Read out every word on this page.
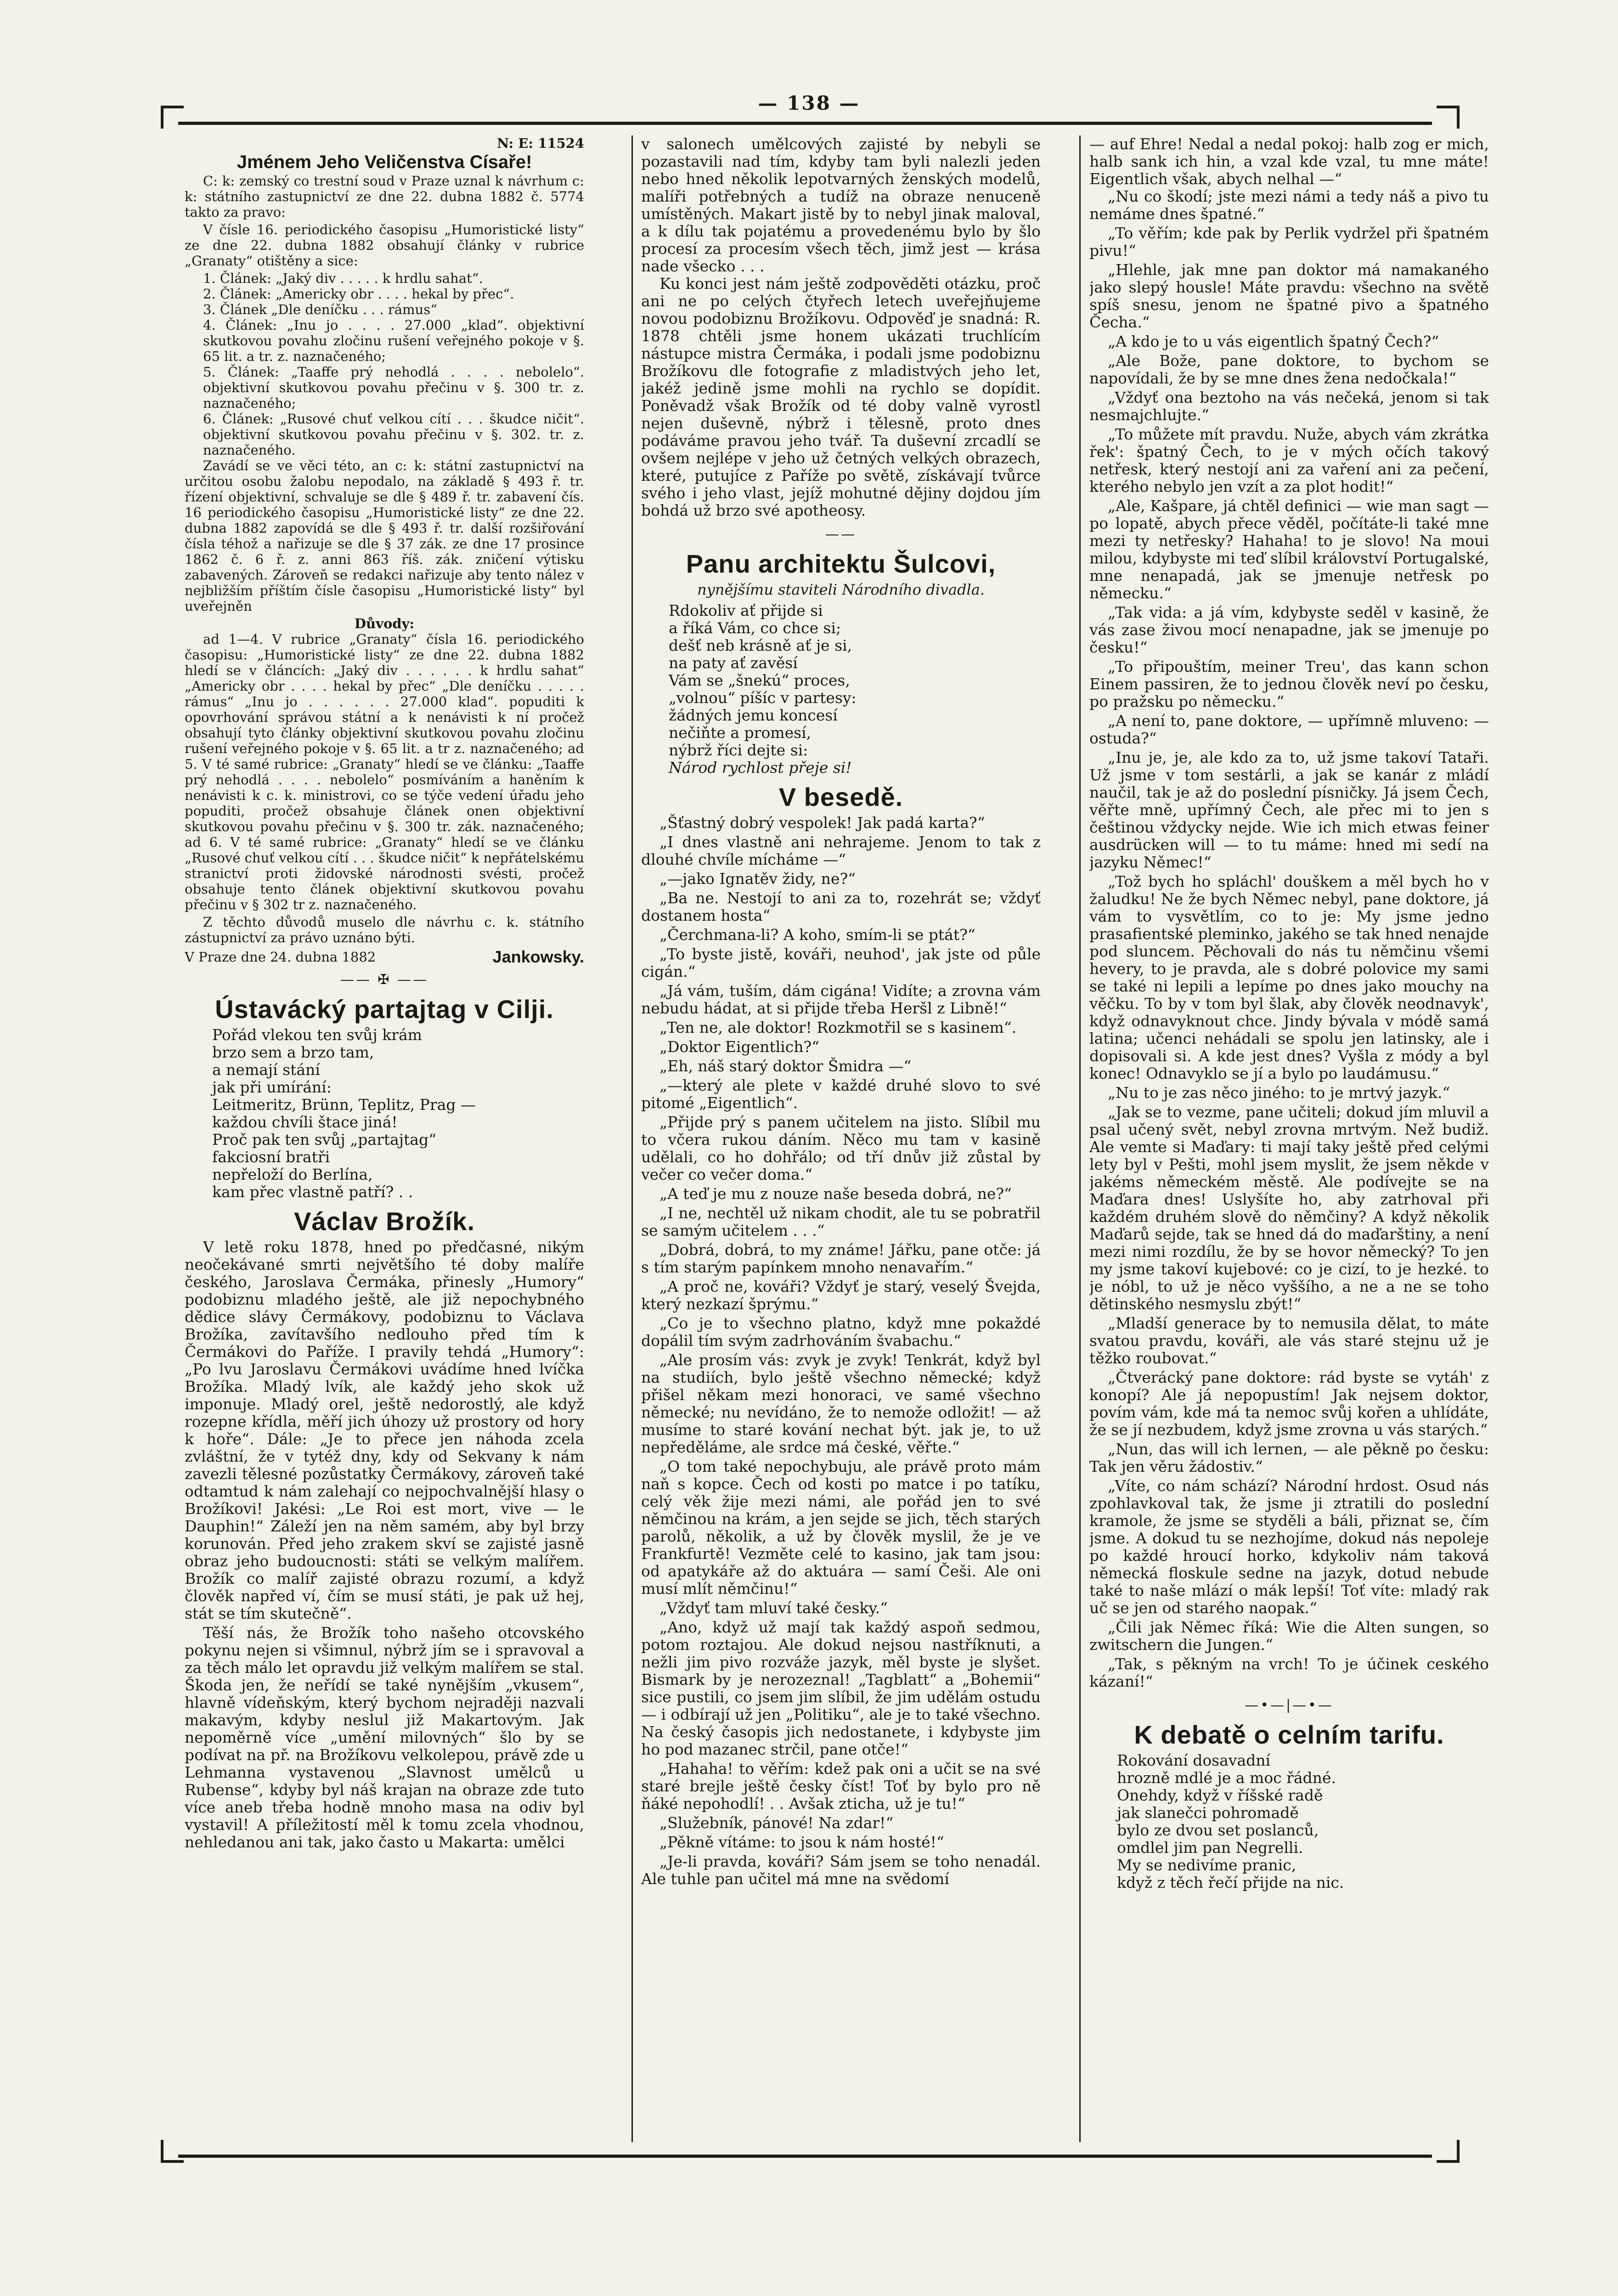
— 138 —
N: E: 11524
Jménem Jeho Veličenstva Císaře!

C: k: zemský co trestní soud v Praze uznal k návrhum c: k: státního zastupnictví ze dne 22. dubna 1882 č. 5774 takto za pravo:

V čísle 16. periodického časopisu „Humoristické listy“ ze dne 22. dubna 1882 obsahují články v rubrice „Granaty“ otištěny a sice:

1. Článek: „Jaký div . . . . . k hrdlu sahat“.
2. Článek: „Americky obr . . . . hekal by přec“.
3. Článek „Dle deníčku . . . rámus“
4. Článek: „Inu jo . . . . 27.000 „klad“. objektivní skutkovou povahu zločinu rušení veřejného pokoje v §. 65 lit. a tr. z. naznačeného;
5. Článek: „Taaffe prý nehodlá . . . . nebolelo“. objektivní skutkovou povahu přečinu v §. 300 tr. z. naznačeného;
6. Článek: „Rusové chuť velkou cítí . . . škudce ničit“. objektivní skutkovou povahu přečinu v §. 302. tr. z. naznačeného.

Zavádí se ve věci této, an c: k: státní zastupnictví na určitou osobu žalobu nepodalo, na základě § 493 ř. tr. řízení objektivní, schvaluje se dle § 489 ř. tr. zabavení čís. 16 periodického časopisu „Humoristické listy“ ze dne 22. dubna 1882 zapovídá se dle § 493 ř. tr. další rozšiřování čísla téhož a nařizuje se dle § 37 zák. ze dne 17 prosince 1862 č. 6 ř. z. anni 863 říš. zák. zničení výtisku zabavených. Zároveň se redakci nařizuje aby tento nález v nejbližším příštím čísle časopisu „Humoristické listy“ byl uveřejněn

Důvody:

ad 1—4. V rubrice „Granaty“ čísla 16. periodického časopisu: „Humoristické listy“ ze dne 22. dubna 1882 hledí se v článcích: „Jaký div . . . . . . k hrdlu sahat“ „Americky obr . . . . hekal by přec“ „Dle deníčku . . . . . rámus“ „Inu jo . . . . . . 27.000 klad“. popuditi k opovrhování správou státní a k nenávisti k ní pročež obsahují tyto články objektivní skutkovou povahu zločinu rušení veřejného pokoje v §. 65 lit. a tr z. naznačeného; ad 5. V té samé rubrice: „Granaty“ hledí se ve článku: „Taaffe prý nehodlá . . . . nebolelo“ posmíváním a haněním k nenávisti k c. k. ministrovi, co se týče vedení úřadu jeho popuditi, pročež obsahuje článek onen objektivní skutkovou povahu přečinu v §. 300 tr. zák. naznačeného; ad 6. V té samé rubrice: „Granaty“ hledí se ve článku „Rusové chuť velkou cítí . . . škudce ničit“ k nepřátelskému stranictví proti židovské národnosti svésti, pročež obsahuje tento článek objektivní skutkovou povahu přečinu v § 302 tr z. naznačeného.

Z těchto důvodů muselo dle návrhu c. k. státního zástupnictví za právo uznáno býti.

V Praze dne 24. dubna 1882	Jankowsky.
—— ✠ ——
Ústavácký partajtag v Cilji.
Pořád vlekou ten svůj krám
brzo sem a brzo tam,
a nemají stání
jak při umírání:
Leitmeritz, Brünn, Teplitz, Prag —
každou chvíli štace jiná!
Proč pak ten svůj „partajtag“
fakciosní bratři
nepřeloží do Berlína,
kam přec vlastně patří? . .
Václav Brožík.

V letě roku 1878, hned po předčasné, nikým neočekávané smrti největšího té doby malíře českého, Jaroslava Čermáka, přinesly „Humory“ podobiznu mladého ještě, ale již nepochybného dědice slávy Čermákovy, podobiznu to Václava Brožíka, zavítavšího nedlouho před tím k Čermákovi do Paříže. I pravily tehdá „Humory“: „Po lvu Jaroslavu Čermákovi uvádíme hned lvíčka Brožíka. Mladý lvík, ale každý jeho skok už imponuje. Mladý orel, ještě nedorostlý, ale když rozepne křídla, měří jich úhozy už prostory od hory k hoře“. Dále: „Je to přece jen náhoda zcela zvláštní, že v tytéž dny, kdy od Sekvany k nám zavezli tělesné pozůstatky Čermákovy, zároveň také odtamtud k nám zalehají co nejpochvalnější hlasy o Brožíkovi! Jakési: „Le Roi est mort, vive — le Dauphin!“ Záleží jen na něm samém, aby byl brzy korunován. Před jeho zrakem skví se zajisté jasně obraz jeho budoucnosti: státi se velkým malířem. Brožík co malíř zajisté obrazu rozumí, a když člověk napřed ví, čím se musí státi, je pak už hej, stát se tím skutečně“.

Těší nás, že Brožík toho našeho otcovského pokynu nejen si všimnul, nýbrž jím se i spravoval a za těch málo let opravdu již velkým malířem se stal. Škoda jen, že neřídí se také nynějším „vkusem“, hlavně vídeňským, který bychom nejraději nazvali makavým, kdyby neslul již Makartovým. Jak nepoměrně více „umění milovných“ šlo by se podívat na př. na Brožíkovu velkolepou, právě zde u Lehmanna vystavenou „Slavnost umělců u Rubense“, kdyby byl náš krajan na obraze zde tuto více aneb třeba hodně mnoho masa na odiv byl vystavil! A příležitostí měl k tomu zcela vhodnou, nehledanou ani tak, jako často u Makarta: umělci

v salonech umělcových zajisté by nebyli se pozastavili nad tím, kdyby tam byli nalezli jeden nebo hned několik lepotvarných ženských modelů, malíři potřebných a tudíž na obraze nenuceně umístěných. Makart jistě by to nebyl jinak maloval, a k dílu tak pojatému a provedenému bylo by šlo procesí za procesím všech těch, jimž jest — krása nade všecko . . .

Ku konci jest nám ještě zodpověděti otázku, proč ani ne po celých čtyřech letech uveřejňujeme novou podobiznu Brožíkovu. Odpověď je snadná: R. 1878 chtěli jsme honem ukázati truchlícím nástupce mistra Čermáka, i podali jsme podobiznu Brožíkovu dle fotografie z mladistvých jeho let, jakéž jedině jsme mohli na rychlo se dopídit. Poněvadž však Brožík od té doby valně vyrostl nejen duševně, nýbrž i tělesně, proto dnes podáváme pravou jeho tvář. Ta duševní zrcadlí se ovšem nejlépe v jeho už četných velkých obrazech, které, putujíce z Paříže po světě, získávají tvůrce svého i jeho vlast, jejíž mohutné dějiny dojdou jím bohdá už brzo své apotheosy.

——
Panu architektu Šulcovi,
nynějšímu staviteli Národního divadla.
Rdokoliv ať přijde si
a říká Vám, co chce si;
dešť neb krásně ať je si,
na paty ať zavěsí
Vám se „šnekú“ proces,
„volnou“ píšíc v partesy:
žádných jemu koncesí
nečiňte a promesí,
nýbrž říci dejte si:
Národ rychlost přeje si!
V besedě.

„Šťastný dobrý vespolek! Jak padá karta?“

„I dnes vlastně ani nehrajeme. Jenom to tak z dlouhé chvíle mícháme —“

„—jako Ignatěv židy, ne?“

„Ba ne. Nestojí to ani za to, rozehrát se; vždyť dostanem hosta“

„Čerchmana-li? A koho, smím-li se ptát?“

„To byste jistě, kováři, neuhod', jak jste od půle cigán.“

„Já vám, tuším, dám cigána! Vidíte; a zrovna vám nebudu hádat, at si přijde třeba Heršl z Libně!“

„Ten ne, ale doktor! Rozkmotřil se s kasinem“.

„Doktor Eigentlich?“

„Eh, náš starý doktor Šmidra —“

„—který ale plete v každé druhé slovo to své pitomé „Eigentlich“.

„Přijde prý s panem učitelem na jisto. Slíbil mu to včera rukou dáním. Něco mu tam v kasině udělali, co ho dohřálo; od tří dnův již zůstal by večer co večer doma.“

„A teď je mu z nouze naše beseda dobrá, ne?“

„I ne, nechtěl už nikam chodit, ale tu se pobratřil se samým učitelem . . .“

„Dobrá, dobrá, to my známe! Jářku, pane otče: já s tím starým papínkem mnoho nenavařím.“

„A proč ne, kováři? Vždyť je starý, veselý Švejda, který nezkazí šprýmu.“

„Co je to všechno platno, když mne pokaždé dopálil tím svým zadrhováním švabachu.“

„Ale prosím vás: zvyk je zvyk! Tenkrát, když byl na studiích, bylo ještě všechno německé; když přišel někam mezi honoraci, ve samé všechno německé; nu nevídáno, že to nemože odložit! — až musíme to staré kování nechat být. jak je, to už nepředěláme, ale srdce má české, věřte.“

„O tom také nepochybuju, ale právě proto mám naň s kopce. Čech od kosti po matce i po tatíku, celý věk žije mezi námi, ale pořád jen to své němčinou na krám, a jen sejde se jich, těch starých parolů, několik, a už by člověk myslil, že je ve Frankfurtě! Vezměte celé to kasino, jak tam jsou: od apatykáře až do aktuára — samí Češi. Ale oni musí mlít němčinu!“

„Vždyť tam mluví také česky.“

„Ano, když už mají tak každý aspoň sedmou, potom roztajou. Ale dokud nejsou nastříknuti, a nežli jim pivo rozváže jazyk, měl byste je slyšet. Bismark by je nerozeznal! „Tagblatt“ a „Bohemii“ sice pustili, co jsem jim slíbil, že jim udělám ostudu — i odbírají už jen „Politiku“, ale je to také všechno. Na český časopis jich nedostanete, i kdybyste jim ho pod mazanec strčil, pane otče!“

„Hahaha! to věřím: kdež pak oni a učit se na své staré brejle ještě česky číst! Toť by bylo pro ně ňáké nepohodlí! . . Avšak zticha, už je tu!“

„Služebník, pánové! Na zdar!“

„Pěkně vítáme: to jsou k nám hosté!“

„Je-li pravda, kováři? Sám jsem se toho nenadál. Ale tuhle pan učitel má mne na svědomí

— auf Ehre! Nedal a nedal pokoj: halb zog er mich, halb sank ich hin, a vzal kde vzal, tu mne máte! Eigentlich však, abych nelhal —“

„Nu co škodí; jste mezi námi a tedy náš a pivo tu nemáme dnes špatné.“

„To věřím; kde pak by Perlik vydržel při špatném pivu!“

„Hlehle, jak mne pan doktor má namakaného jako slepý housle! Máte pravdu: všechno na světě spíš snesu, jenom ne špatné pivo a špatného Čecha.“

„A kdo je to u vás eigentlich špatný Čech?“

„Ale Bože, pane doktore, to bychom se napovídali, že by se mne dnes žena nedočkala!“

„Vždyť ona beztoho na vás nečeká, jenom si tak nesmajchlujte.“

„To můžete mít pravdu. Nuže, abych vám zkrátka řek': špatný Čech, to je v mých očích takový netřesk, který nestojí ani za vaření ani za pečení, kterého nebylo jen vzít a za plot hodit!“

„Ale, Kašpare, já chtěl definici — wie man sagt — po lopatě, abych přece věděl, počítáte-li také mne mezi ty netřesky? Hahaha! to je slovo! Na moui milou, kdybyste mi teď slíbil království Portugalské, mne nenapadá, jak se jmenuje netřesk po německu.“

„Tak vida: a já vím, kdybyste seděl v kasině, že vás zase živou mocí nenapadne, jak se jmenuje po česku!“

„To připouštím, meiner Treu', das kann schon Einem passiren, že to jednou člověk neví po česku, po pražsku po německu.“

„A není to, pane doktore, — upřímně mluveno: — ostuda?“

„Inu je, je, ale kdo za to, už jsme takoví Tataři. Už jsme v tom sestárli, a jak se kanár z mládí naučil, tak je až do poslední písničky. Já jsem Čech, věřte mně, upřímný Čech, ale přec mi to jen s češtinou vždycky nejde. Wie ich mich etwas feiner ausdrücken will — to tu máme: hned mi sedí na jazyku Němec!“

„Tož bych ho spláchl' douškem a měl bych ho v žaludku! Ne že bych Němec nebyl, pane doktore, já vám to vysvětlím, co to je: My jsme jedno prasafientské pleminko, jakého se tak hned nenajde pod sluncem. Pěchovali do nás tu němčinu všemi hevery, to je pravda, ale s dobré polovice my sami se také ni lepili a lepíme po dnes jako mouchy na věčku. To by v tom byl šlak, aby člověk neodnavyk', když odnavyknout chce. Jindy bývala v módě samá latina; učenci nehádali se spolu jen latinsky, ale i dopisovali si. A kde jest dnes? Vyšla z módy a byl konec! Odnavyklo se jí a bylo po laudámusu.“

„Nu to je zas něco jiného: to je mrtvý jazyk.“

„Jak se to vezme, pane učiteli; dokud jím mluvil a psal učený svět, nebyl zrovna mrtvým. Než budiž. Ale vemte si Maďary: ti mají taky ještě před celými lety byl v Pešti, mohl jsem myslit, že jsem někde v jakéms německém městě. Ale podívejte se na Maďara dnes! Uslyšíte ho, aby zatrhoval při každém druhém slově do němčiny? A když několik Maďarů sejde, tak se hned dá do maďarštiny, a není mezi nimi rozdílu, že by se hovor německý? To jen my jsme takoví kujebové: co je cizí, to je hezké. to je nóbl, to už je něco vyššího, a ne a ne se toho dětinského nesmyslu zbýt!“

„Mladší generace by to nemusila dělat, to máte svatou pravdu, kováři, ale vás staré stejnu už je těžko roubovat.“

„Čtverácký pane doktore: rád byste se vytáh' z konopí? Ale já nepopustím! Jak nejsem doktor, povím vám, kde má ta nemoc svůj kořen a uhlídáte, že se jí nezbudem, když jsme zrovna u vás starých.“

„Nun, das will ich lernen, — ale pěkně po česku: Tak jen věru žádostiv.“

„Víte, co nám schází? Národní hrdost. Osud nás zpohlavkoval tak, že jsme ji ztratili do poslední kramole, že jsme se styděli a báli, přiznat se, čím jsme. A dokud tu se nezhojíme, dokud nás nepoleje po každé hroucí horko, kdykoliv nám taková německá floskule sedne na jazyk, dotud nebude také to naše mlází o mák lepší! Toť víte: mladý rak uč se jen od starého naopak.“

„Čili jak Němec říká: Wie die Alten sungen, so zwitschern die Jungen.“

„Tak, s pěkným na vrch! To je účinek ceského kázaní!“

—•—|—•—
K debatě o celním tarifu.
Rokování dosavadní
hrozně mdlé je a moc řádné.
Onehdy, když v říšské radě
jak slanečci pohromadě
bylo ze dvou set poslanců,
omdlel jim pan Negrelli.
My se nedivíme pranic,
když z těch řečí přijde na nic.
